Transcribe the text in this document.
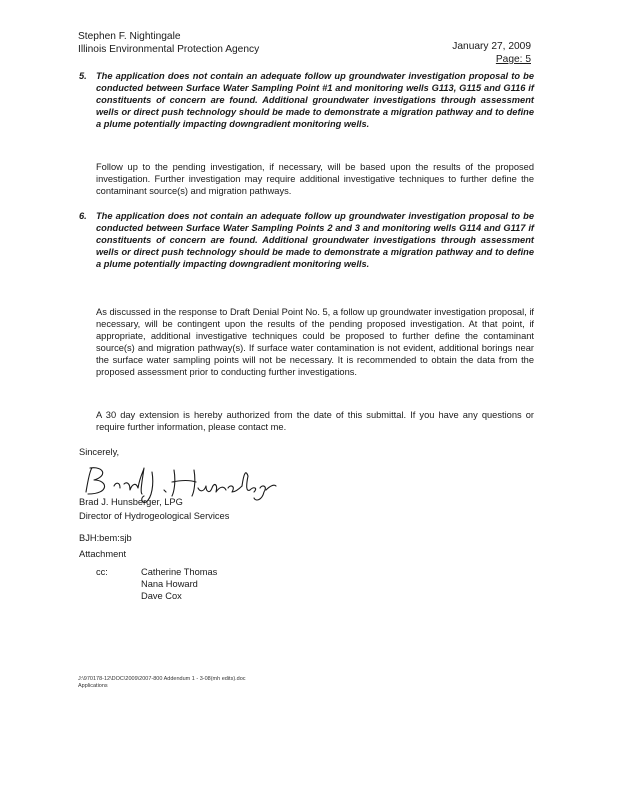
Stephen F. Nightingale
Illinois Environmental Protection Agency	January 27, 2009
Page: 5
5. The application does not contain an adequate follow up groundwater investigation proposal to be conducted between Surface Water Sampling Point #1 and monitoring wells G113, G115 and G116 if constituents of concern are found. Additional groundwater investigations through assessment wells or direct push technology should be made to demonstrate a migration pathway and to define a plume potentially impacting downgradient monitoring wells.
Follow up to the pending investigation, if necessary, will be based upon the results of the proposed investigation. Further investigation may require additional investigative techniques to further define the contaminant source(s) and migration pathways.
6. The application does not contain an adequate follow up groundwater investigation proposal to be conducted between Surface Water Sampling Points 2 and 3 and monitoring wells G114 and G117 if constituents of concern are found. Additional groundwater investigations through assessment wells or direct push technology should be made to demonstrate a migration pathway and to define a plume potentially impacting downgradient monitoring wells.
As discussed in the response to Draft Denial Point No. 5, a follow up groundwater investigation proposal, if necessary, will be contingent upon the results of the pending proposed investigation. At that point, if appropriate, additional investigative techniques could be proposed to further define the contaminant source(s) and migration pathway(s). If surface water contamination is not evident, additional borings near the surface water sampling points will not be necessary. It is recommended to obtain the data from the proposed assessment prior to conducting further investigations.
A 30 day extension is hereby authorized from the date of this submittal. If you have any questions or require further information, please contact me.
Sincerely,
Brad J. Hunsberger, LPG
Director of Hydrogeological Services
BJH:bem:sjb
Attachment
cc:	Catherine Thomas
Nana Howard
Dave Cox
J:\970178-12\DOC\2009\2007-800 Addendum 1 - 3-08(mh edits).doc
Applications
